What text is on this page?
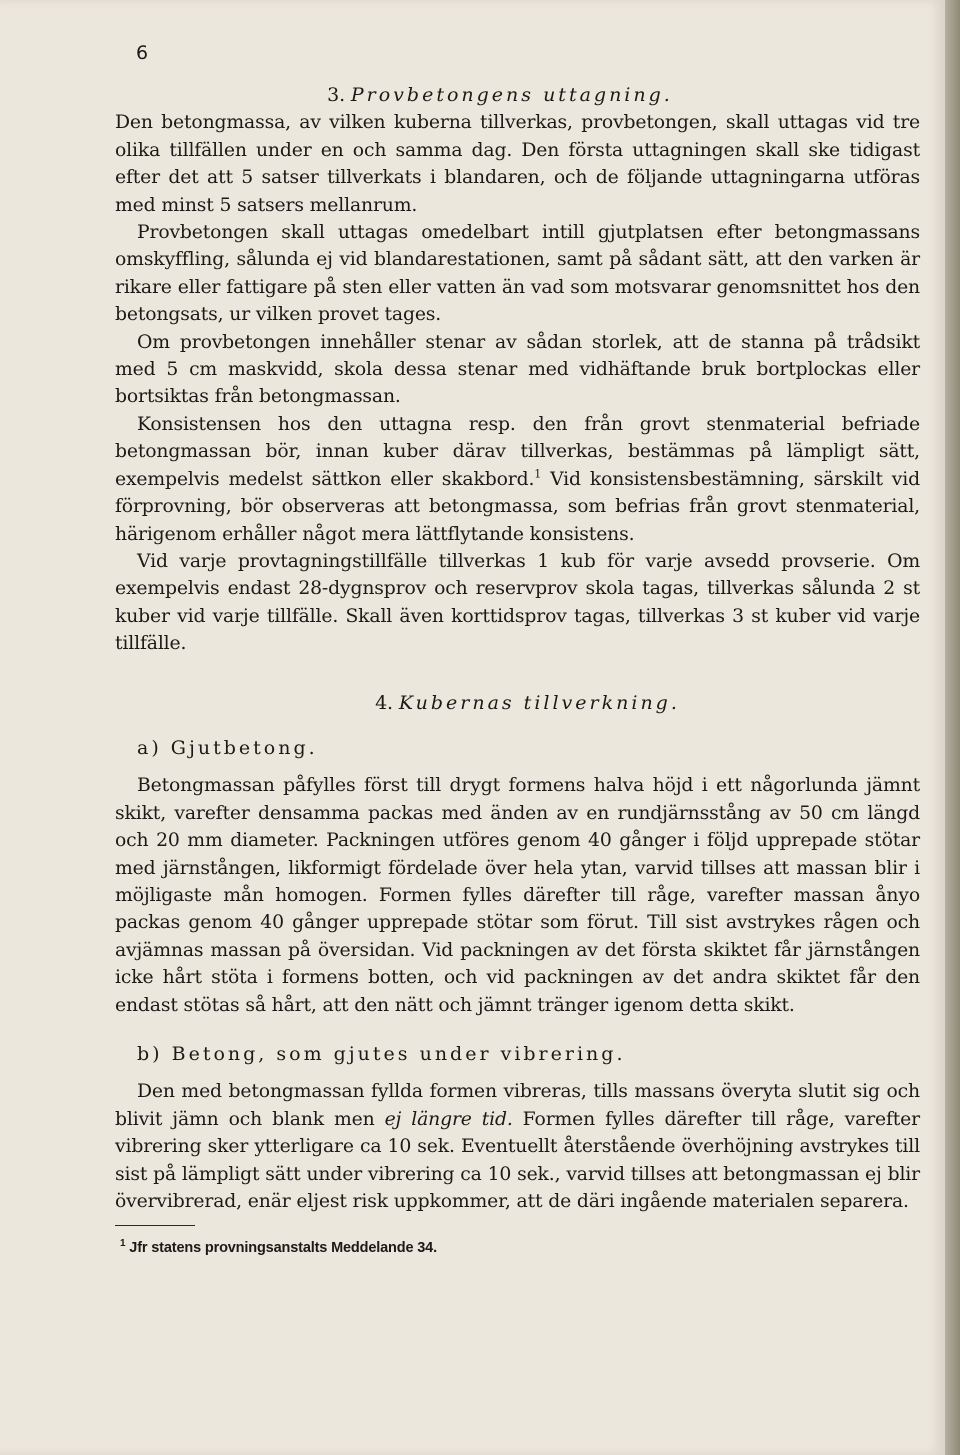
6
3. Provbetongens uttagning.

Den betongmassa, av vilken kuberna tillverkas, provbetongen, skall uttagas vid tre olika tillfällen under en och samma dag. Den första uttagningen skall ske tidigast efter det att 5 satser tillverkats i blandaren, och de följande uttagningarna utföras med minst 5 satsers mellanrum.

Provbetongen skall uttagas omedelbart intill gjutplatsen efter betongmassans omskyffling, sålunda ej vid blandarestationen, samt på sådant sätt, att den varken är rikare eller fattigare på sten eller vatten än vad som motsvarar genomsnittet hos den betongsats, ur vilken provet tages.

Om provbetongen innehåller stenar av sådan storlek, att de stanna på trådsikt med 5 cm maskvidd, skola dessa stenar med vidhäftande bruk bortplockas eller bortsiktas från betongmassan.

Konsistensen hos den uttagna resp. den från grovt stenmaterial befriade betongmassan bör, innan kuber därav tillverkas, bestämmas på lämpligt sätt, exempelvis medelst sättkon eller skakbord.$^1$ Vid konsistensbestämning, särskilt vid förprovning, bör observeras att betongmassa, som befrias från grovt stenmaterial, härigenom erhåller något mera lättflytande konsistens.

Vid varje provtagningstillfälle tillverkas 1 kub för varje avsedd provserie. Om exempelvis endast 28-dygnsprov och reservprov skola tagas, tillverkas sålunda 2 st kuber vid varje tillfälle. Skall även korttidsprov tagas, tillverkas 3 st kuber vid varje tillfälle.

4. Kubernas tillverkning.
a) Gjutbetong.

Betongmassan påfylles först till drygt formens halva höjd i ett någorlunda jämnt skikt, varefter densamma packas med änden av en rundjärnsstång av 50 cm längd och 20 mm diameter. Packningen utföres genom 40 gånger i följd upprepade stötar med järnstången, likformigt fördelade över hela ytan, varvid tillses att massan blir i möjligaste mån homogen. Formen fylles därefter till råge, varefter massan ånyo packas genom 40 gånger upprepade stötar som förut. Till sist avstrykes rågen och avjämnas massan på översidan. Vid packningen av det första skiktet får järnstången icke hårt stöta i formens botten, och vid packningen av det andra skiktet får den endast stötas så hårt, att den nätt och jämnt tränger igenom detta skikt.

b) Betong, som gjutes under vibrering.

Den med betongmassan fyllda formen vibreras, tills massans överyta slutit sig och blivit jämn och blank men ej längre tid. Formen fylles därefter till råge, varefter vibrering sker ytterligare ca 10 sek. Eventuellt återstående överhöjning avstrykes till sist på lämpligt sätt under vibrering ca 10 sek., varvid tillses att betongmassan ej blir övervibrerad, enär eljest risk uppkommer, att de däri ingående materialen separera.

$^1$ Jfr statens provningsanstalts Meddelande 34.
